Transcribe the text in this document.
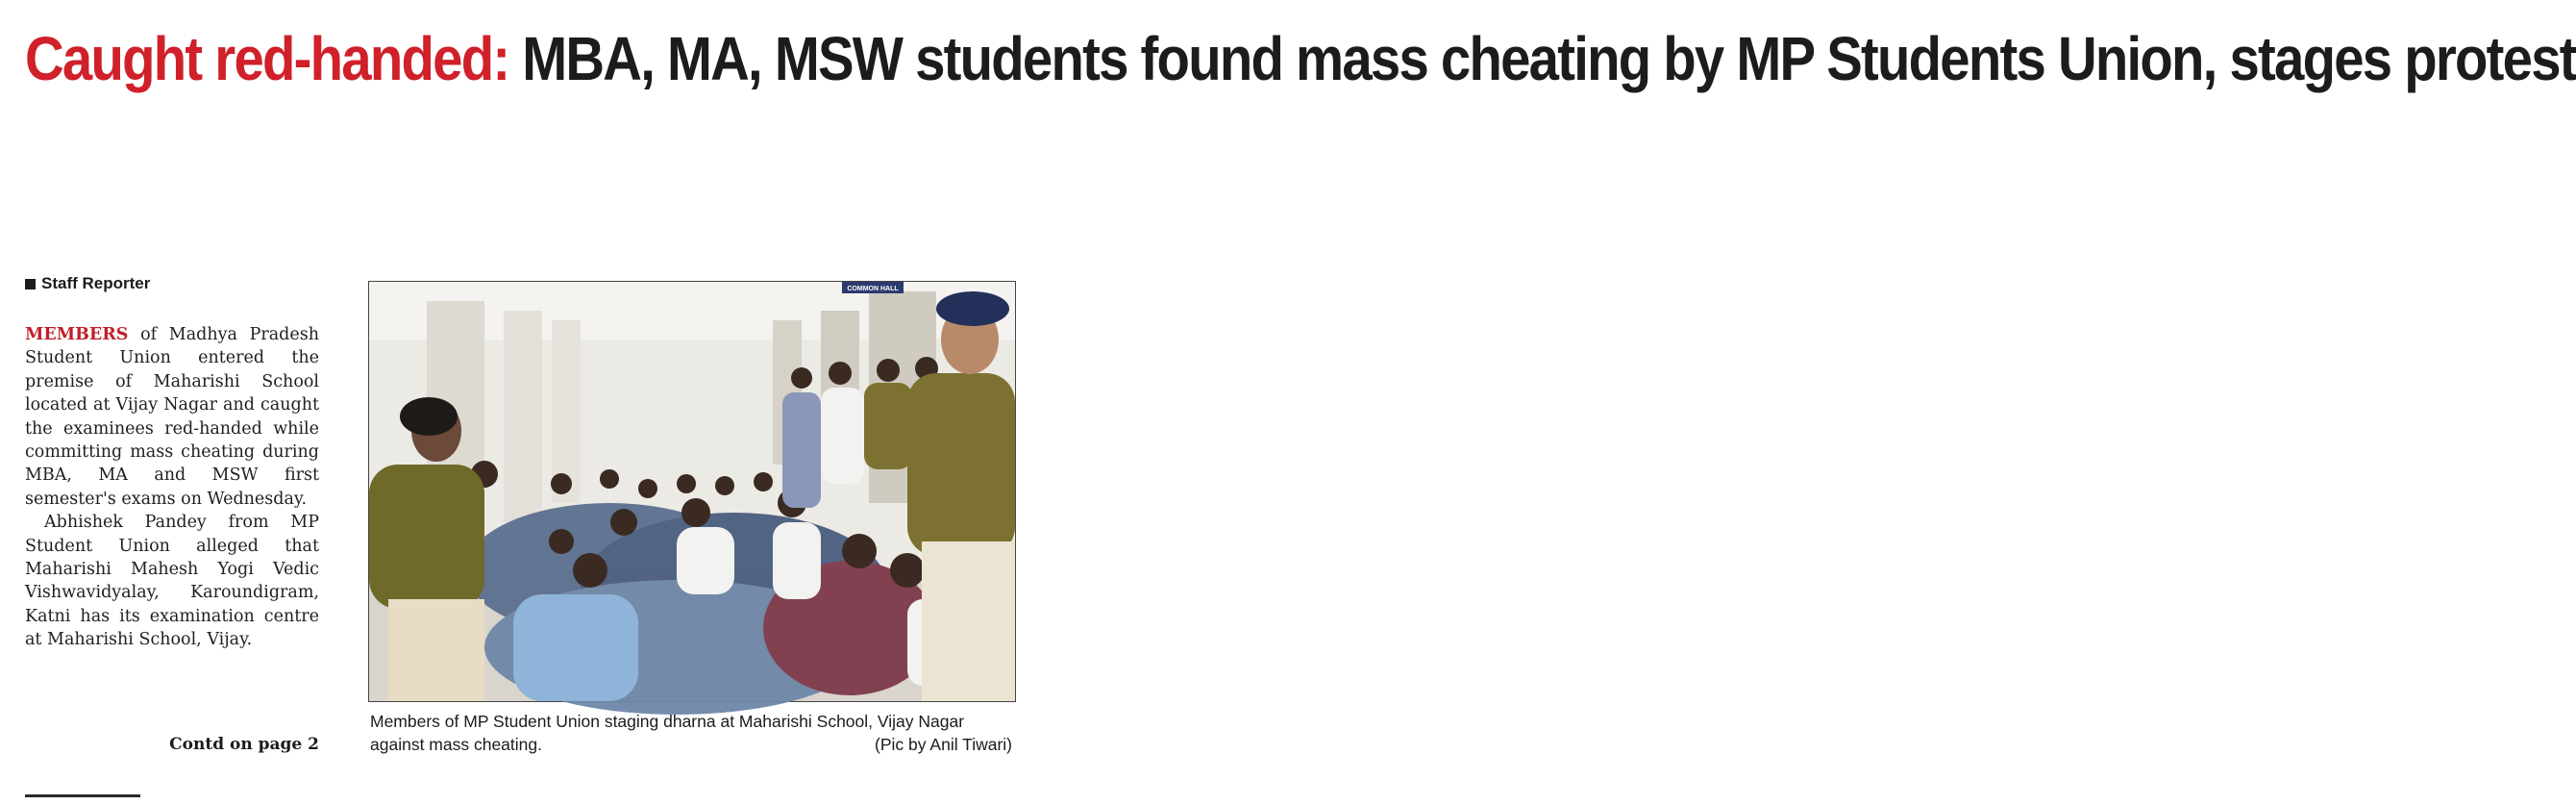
Caught red-handed: MBA, MA, MSW students found mass cheating by MP Students Union, stages protest
Staff Reporter

MEMBERS of Madhya Pradesh Student Union entered the premise of Maharishi School located at Vijay Nagar and caught the examinees red-handed while committing mass cheating during MBA, MA and MSW first semester's exams on Wednesday.

Abhishek Pandey from MP Student Union alleged that Maharishi Mahesh Yogi Vedic Vishwavidyalay, Karoundigram, Katni has its examination centre at Maharishi School, Vijay.

Contd on page 2
COMMON HALL
Members of MP Student Union staging dharna at Maharishi School, Vijay Nagar against mass cheating.	(Pic by Anil Tiwari)
